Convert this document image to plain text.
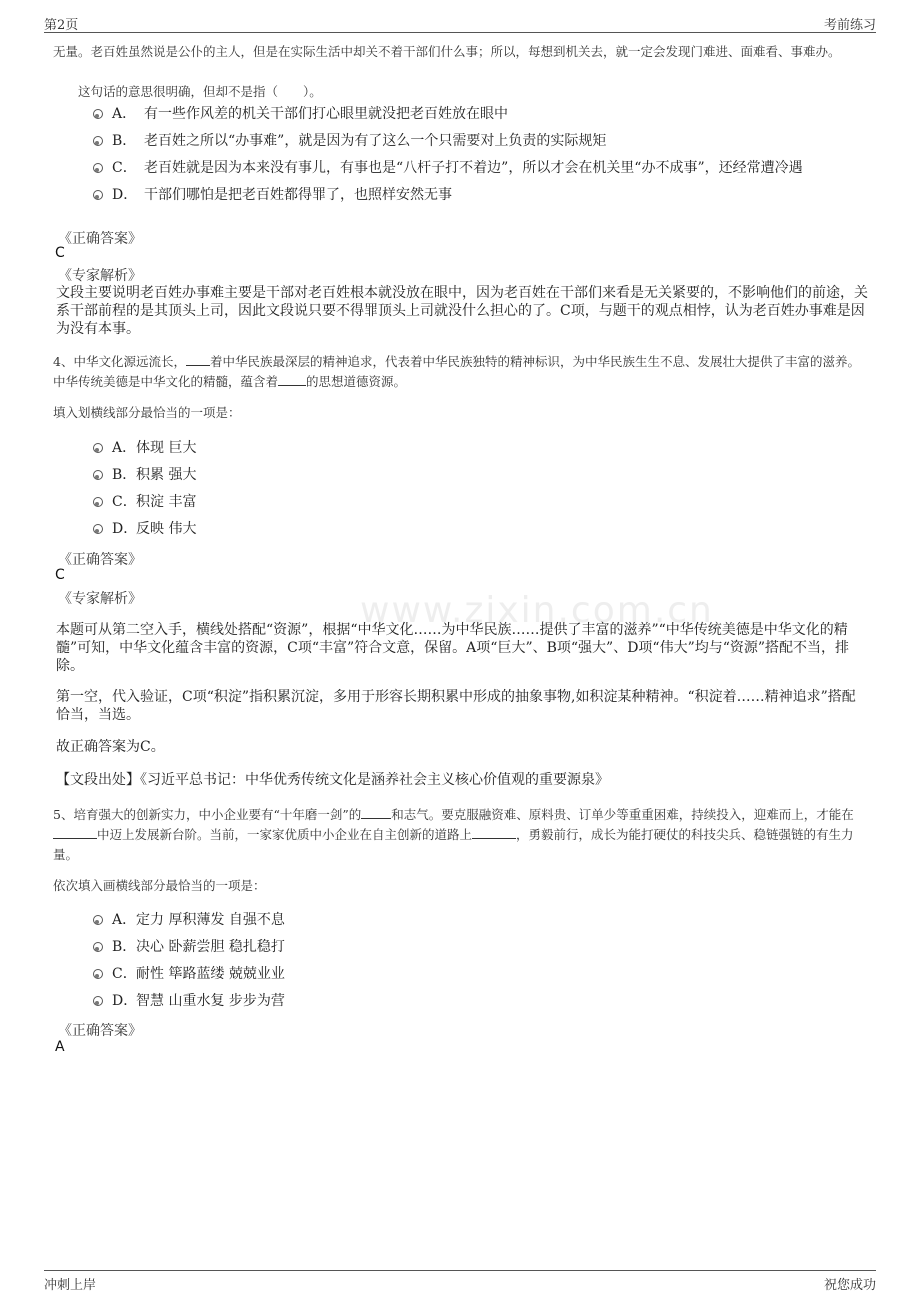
第2页	考前练习
www.zixin.com.cn
无量。老百姓虽然说是公仆的主人，但是在实际生活中却关不着干部们什么事；所以，每想到机关去，就一定会发现门难进、面难看、事难办。
这句话的意思很明确，但却不是指（　　）。
A． 有一些作风差的机关干部们打心眼里就没把老百姓放在眼中
B． 老百姓之所以“办事难”，就是因为有了这么一个只需要对上负责的实际规矩
C． 老百姓就是因为本来没有事儿，有事也是“八杆子打不着边”，所以才会在机关里“办不成事”，还经常遭冷遇
D． 干部们哪怕是把老百姓都得罪了，也照样安然无事
《正确答案》
C
《专家解析》
文段主要说明老百姓办事难主要是干部对老百姓根本就没放在眼中，因为老百姓在干部们来看是无关紧要的，不影响他们的前途，关系干部前程的是其顶头上司，因此文段说只要不得罪顶头上司就没什么担心的了。C项，与题干的观点相悖，认为老百姓办事难是因为没有本事。
4、中华文化源远流长， 着中华民族最深层的精神追求，代表着中华民族独特的精神标识，为中华民族生生不息、发展壮大提供了丰富的滋养。中华传统美德是中华文化的精髓，蕴含着 的思想道德资源。
填入划横线部分最恰当的一项是：
A．体现 巨大
B．积累 强大
C．积淀 丰富
D．反映 伟大
《正确答案》
C
《专家解析》
本题可从第二空入手，横线处搭配“资源”，根据“中华文化……为中华民族……提供了丰富的滋养”“中华传统美德是中华文化的精髓”可知，中华文化蕴含丰富的资源，C项“丰富”符合文意，保留。A项“巨大”、B项“强大”、D项“伟大”均与“资源”搭配不当，排除。
第一空，代入验证，C项“积淀”指积累沉淀，多用于形容长期积累中形成的抽象事物,如积淀某种精神。“积淀着……精神追求”搭配恰当，当选。
故正确答案为C。
【文段出处】《习近平总书记：中华优秀传统文化是涵养社会主义核心价值观的重要源泉》
5、培育强大的创新实力，中小企业要有“十年磨一剑”的 和志气。要克服融资难、原料贵、订单少等重重困难，持续投入，迎难而上，才能在中迈上发展新台阶。当前，一家家优质中小企业在自主创新的道路上	，勇毅前行，成长为能打硬仗的科技尖兵、稳链强链的有生力量。
依次填入画横线部分最恰当的一项是：
A．定力 厚积薄发 自强不息
B．决心 卧薪尝胆 稳扎稳打
C．耐性 筚路蓝缕 兢兢业业
D．智慧 山重水复 步步为营
《正确答案》
A
冲刺上岸	祝您成功
